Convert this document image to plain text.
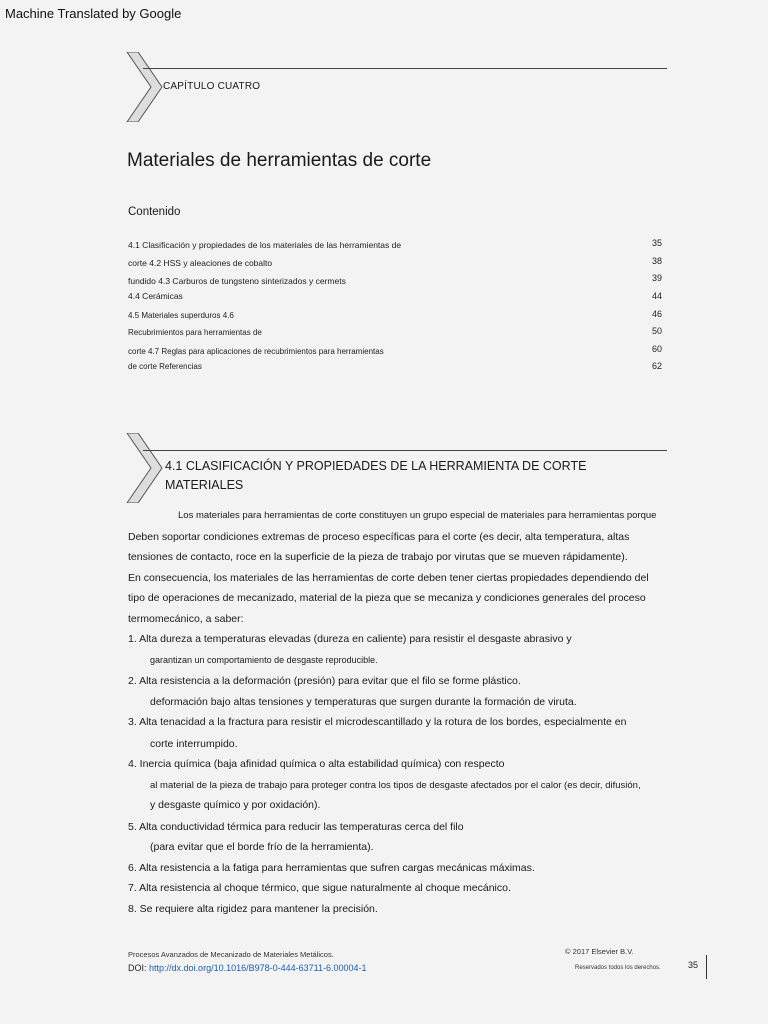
Machine Translated by Google
CAPÍTULO CUATRO
Materiales de herramientas de corte
Contenido
4.1 Clasificación y propiedades de los materiales de las herramientas de
corte 4.2 HSS y aleaciones de cobalto
fundido 4.3 Carburos de tungsteno sinterizados y cermets
4.4 Cerámicas
4.5 Materiales superduros 4.6
Recubrimientos para herramientas de
corte 4.7 Reglas para aplicaciones de recubrimientos para herramientas
de corte Referencias
35
38
39
44
46
50
60
62
4.1 CLASIFICACIÓN Y PROPIEDADES DE LA HERRAMIENTA DE CORTE
MATERIALES
Los materiales para herramientas de corte constituyen un grupo especial de materiales para herramientas porque
Deben soportar condiciones extremas de proceso específicas para el corte (es decir, alta temperatura, altas
tensiones de contacto, roce en la superficie de la pieza de trabajo por virutas que se mueven rápidamente).
En consecuencia, los materiales de las herramientas de corte deben tener ciertas propiedades dependiendo del
tipo de operaciones de mecanizado, material de la pieza que se mecaniza y condiciones generales del proceso
termomecánico, a saber:
1. Alta dureza a temperaturas elevadas (dureza en caliente) para resistir el desgaste abrasivo y
garantizan un comportamiento de desgaste reproducible.
2. Alta resistencia a la deformación (presión) para evitar que el filo se forme plástico.
deformación bajo altas tensiones y temperaturas que surgen durante la formación de viruta.
3. Alta tenacidad a la fractura para resistir el microdescantillado y la rotura de los bordes, especialmente en
corte interrumpido.
4. Inercia química (baja afinidad química o alta estabilidad química) con respecto
al material de la pieza de trabajo para proteger contra los tipos de desgaste afectados por el calor (es decir, difusión,
y desgaste químico y por oxidación).
5. Alta conductividad térmica para reducir las temperaturas cerca del filo
(para evitar que el borde frío de la herramienta).
6. Alta resistencia a la fatiga para herramientas que sufren cargas mecánicas máximas.
7. Alta resistencia al choque térmico, que sigue naturalmente al choque mecánico.
8. Se requiere alta rigidez para mantener la precisión.
Procesos Avanzados de Mecanizado de Materiales Metálicos.
DOI: http://dx.doi.org/10.1016/B978-0-444-63711-6.00004-1
© 2017 Elsevier B.V.
Reservados todos los derechos.	35
